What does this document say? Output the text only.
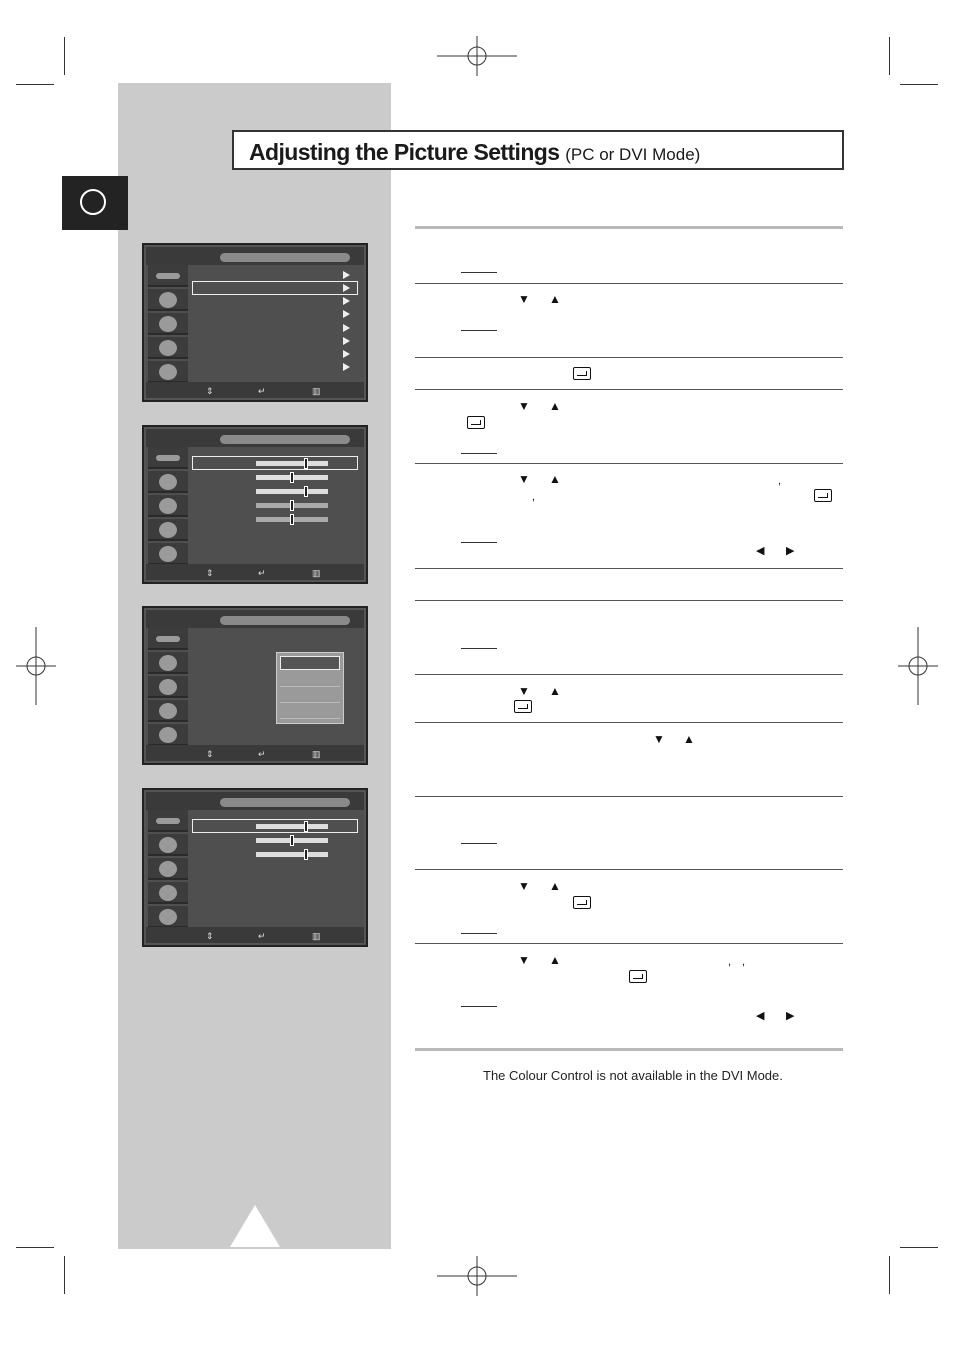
Adjusting the Picture Settings (PC or DVI Mode)
⇕	↵	▥
⇕	↵	▥
⇕	↵	▥
⇕	↵	▥
▼ ▲
▼ ▲
▼ ▲	,
,
◀ ▶
▼ ▲
▼ ▲
▼ ▲
▼ ▲	, ,
◀ ▶
The Colour Control is not available in the DVI Mode.
